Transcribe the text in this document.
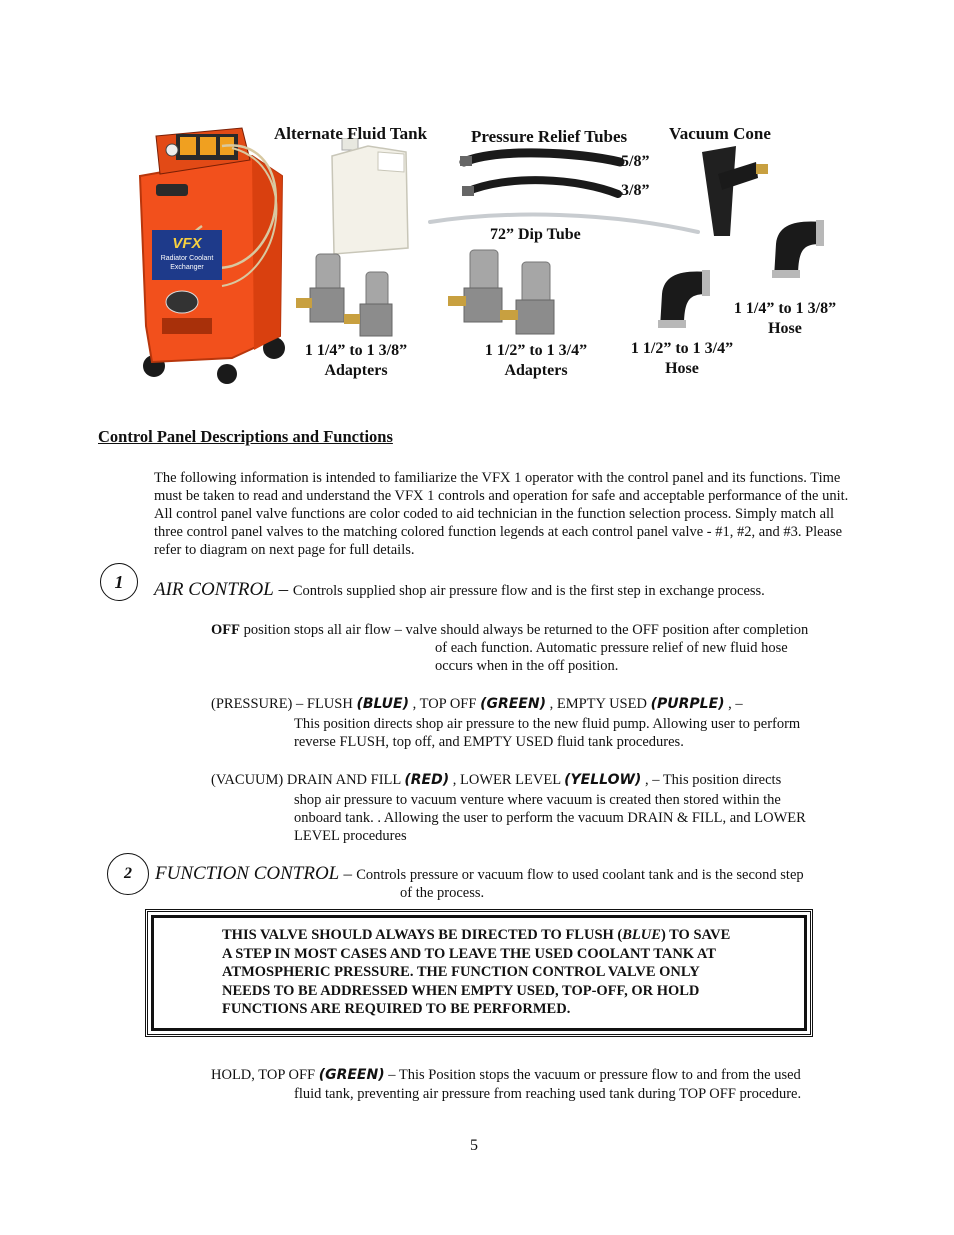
VFX
Radiator Coolant
Exchanger
Alternate Fluid Tank	Pressure Relief Tubes Vacuum Cone
5/8”
3/8”
72” Dip Tube
1 1/4” to 1 3/8”
Adapters
1 1/2” to 1 3/4”
Adapters
1 1/2” to 1 3/4”
Hose
1 1/4” to 1 3/8”
Hose
Control Panel Descriptions and Functions
The following information is intended to familiarize the VFX 1 operator with the control panel and its functions. Time must be taken to read and understand the VFX 1 controls and operation for safe and acceptable performance of the unit. All control panel valve functions are color coded to aid technician in the function selection process. Simply match all three control panel valves to the matching colored function legends at each control panel valve - #1, #2, and #3. Please refer to diagram on next page for full details.
1 AIR CONTROL – Controls supplied shop air pressure flow and is the first step in exchange process.
OFF position stops all air flow – valve should always be returned to the OFF position after completion
of each function. Automatic pressure relief of new fluid hose
occurs when in the off position.
(PRESSURE) – FLUSH (BLUE) , TOP OFF (GREEN) , EMPTY USED (PURPLE) , –
This position directs shop air pressure to the new fluid pump. Allowing user to perform
reverse FLUSH, top off, and EMPTY USED fluid tank procedures.
(VACUUM) DRAIN AND FILL (RED) , LOWER LEVEL (YELLOW) , – This position directs
shop air pressure to vacuum venture where vacuum is created then stored within the
onboard tank. . Allowing the user to perform the vacuum DRAIN & FILL, and LOWER
LEVEL procedures
2 FUNCTION CONTROL – Controls pressure or vacuum flow to used coolant tank and is the second step
of the process.
THIS VALVE SHOULD ALWAYS BE DIRECTED TO FLUSH (BLUE) TO SAVE
A STEP IN MOST CASES AND TO LEAVE THE USED COOLANT TANK AT
ATMOSPHERIC PRESSURE. THE FUNCTION CONTROL VALVE ONLY
NEEDS TO BE ADDRESSED WHEN EMPTY USED, TOP-OFF, OR HOLD
FUNCTIONS ARE REQUIRED TO BE PERFORMED.
HOLD, TOP OFF (GREEN) – This Position stops the vacuum or pressure flow to and from the used
fluid tank, preventing air pressure from reaching used tank during TOP OFF procedure.
5
